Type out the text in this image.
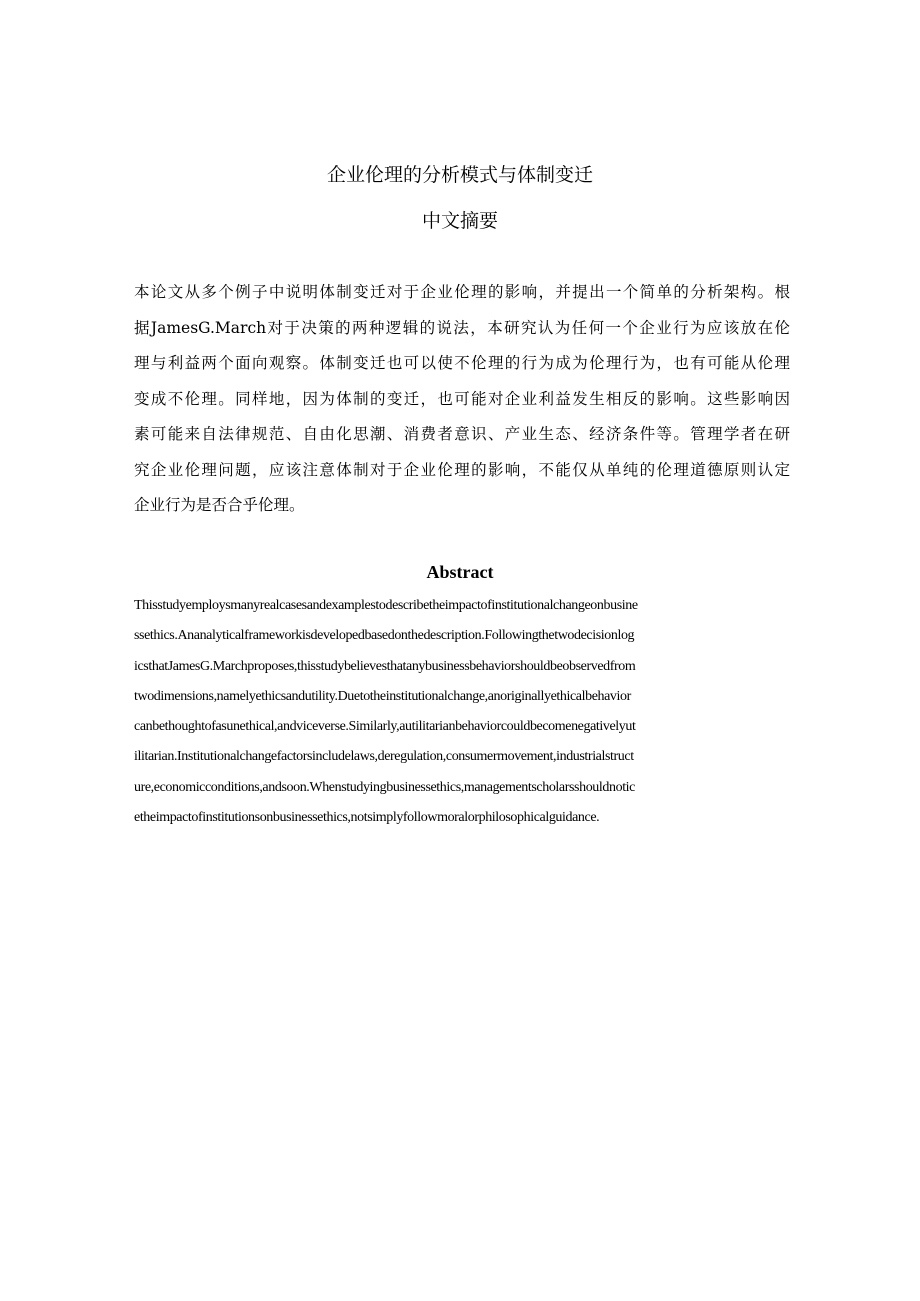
企业伦理的分析模式与体制变迁
中文摘要
本论文从多个例子中说明体制变迁对于企业伦理的影响，并提出一个简单的分析架构。根
据JamesG.March对于决策的两种逻辑的说法，本研究认为任何一个企业行为应该放在伦
理与利益两个面向观察。体制变迁也可以使不伦理的行为成为伦理行为，也有可能从伦理
变成不伦理。同样地，因为体制的变迁，也可能对企业利益发生相反的影响。这些影响因
素可能来自法律规范、自由化思潮、消费者意识、产业生态、经济条件等。管理学者在研
究企业伦理问题，应该注意体制对于企业伦理的影响，不能仅从单纯的伦理道德原则认定
企业行为是否合乎伦理。
Abstract
Thisstudyemploysmanyrealcasesandexamplestodescribetheimpactofinstitutionalchangeonbusine
ssethics.Ananalyticalframeworkisdevelopedbasedonthedescription.Followingthetwodecisionlog
icsthatJamesG.Marchproposes,thisstudybelievesthatanybusinessbehaviorshouldbeobservedfrom
twodimensions,namelyethicsandutility.Duetotheinstitutionalchange,anoriginallyethicalbehavior
canbethoughtofasunethical,andviceverse.Similarly,autilitarianbehaviorcouldbecomenegativelyut
ilitarian.Institutionalchangefactorsincludelaws,deregulation,consumermovement,industrialstruct
ure,economicconditions,andsoon.Whenstudyingbusinessethics,managementscholarsshouldnotic
etheimpactofinstitutionsonbusinessethics,notsimplyfollowmoralorphilosophicalguidance.
